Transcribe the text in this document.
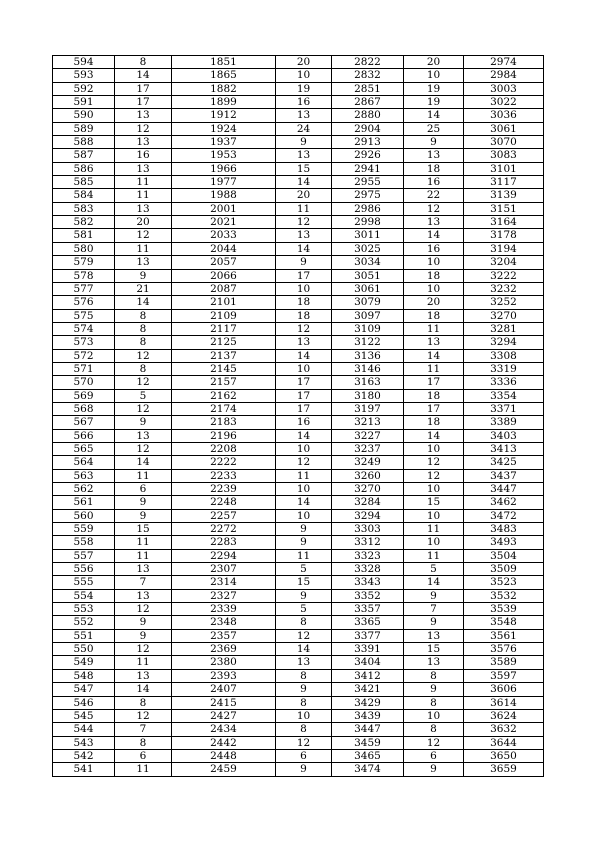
594	8	1851	20	2822	20	2974
593	14	1865	10	2832	10	2984
592	17	1882	19	2851	19	3003
591	17	1899	16	2867	19	3022
590	13	1912	13	2880	14	3036
589	12	1924	24	2904	25	3061
588	13	1937	9	2913	9	3070
587	16	1953	13	2926	13	3083
586	13	1966	15	2941	18	3101
585	11	1977	14	2955	16	3117
584	11	1988	20	2975	22	3139
583	13	2001	11	2986	12	3151
582	20	2021	12	2998	13	3164
581	12	2033	13	3011	14	3178
580	11	2044	14	3025	16	3194
579	13	2057	9	3034	10	3204
578	9	2066	17	3051	18	3222
577	21	2087	10	3061	10	3232
576	14	2101	18	3079	20	3252
575	8	2109	18	3097	18	3270
574	8	2117	12	3109	11	3281
573	8	2125	13	3122	13	3294
572	12	2137	14	3136	14	3308
571	8	2145	10	3146	11	3319
570	12	2157	17	3163	17	3336
569	5	2162	17	3180	18	3354
568	12	2174	17	3197	17	3371
567	9	2183	16	3213	18	3389
566	13	2196	14	3227	14	3403
565	12	2208	10	3237	10	3413
564	14	2222	12	3249	12	3425
563	11	2233	11	3260	12	3437
562	6	2239	10	3270	10	3447
561	9	2248	14	3284	15	3462
560	9	2257	10	3294	10	3472
559	15	2272	9	3303	11	3483
558	11	2283	9	3312	10	3493
557	11	2294	11	3323	11	3504
556	13	2307	5	3328	5	3509
555	7	2314	15	3343	14	3523
554	13	2327	9	3352	9	3532
553	12	2339	5	3357	7	3539
552	9	2348	8	3365	9	3548
551	9	2357	12	3377	13	3561
550	12	2369	14	3391	15	3576
549	11	2380	13	3404	13	3589
548	13	2393	8	3412	8	3597
547	14	2407	9	3421	9	3606
546	8	2415	8	3429	8	3614
545	12	2427	10	3439	10	3624
544	7	2434	8	3447	8	3632
543	8	2442	12	3459	12	3644
542	6	2448	6	3465	6	3650
541	11	2459	9	3474	9	3659
